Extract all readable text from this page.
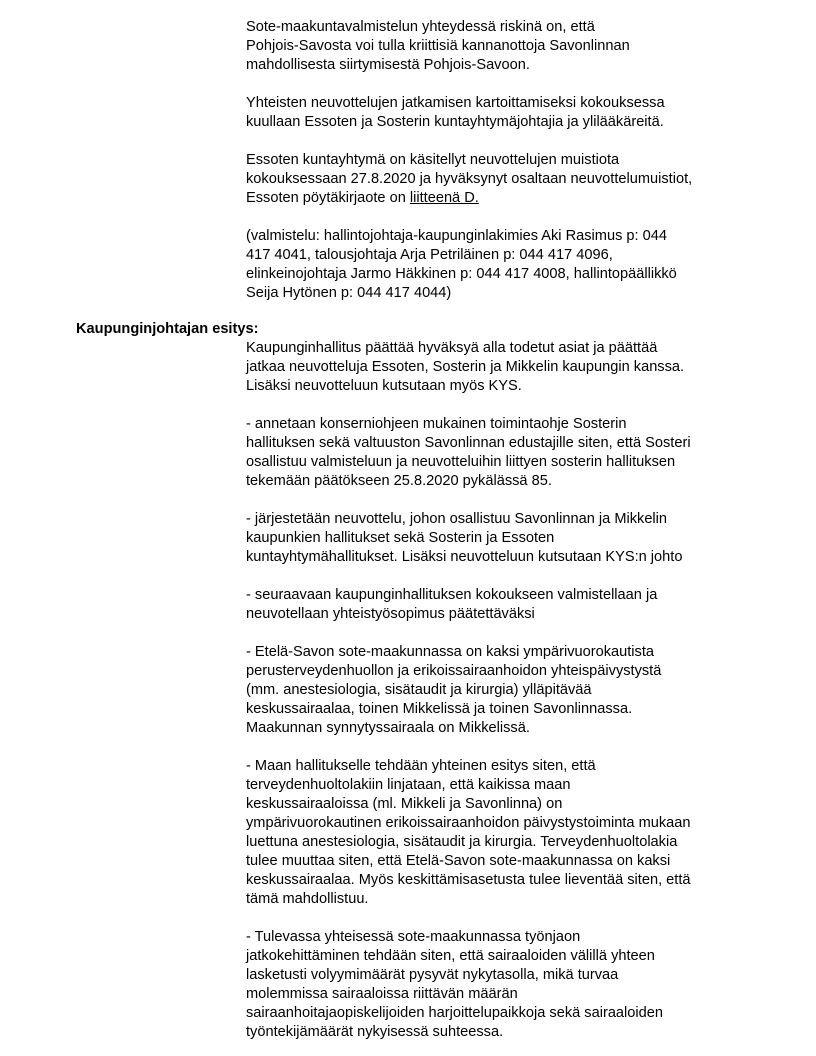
Sote-maakuntavalmistelun yhteydessä riskinä on, että
Pohjois-Savosta voi tulla kriittisiä kannanottoja Savonlinnan
mahdollisesta siirtymisestä Pohjois-Savoon.

Yhteisten neuvottelujen jatkamisen kartoittamiseksi kokouksessa
kuullaan Essoten ja Sosterin kuntayhtymäjohtajia ja ylilääkäreitä.

Essoten kuntayhtymä on käsitellyt neuvottelujen muistiota
kokouksessaan 27.8.2020 ja hyväksynyt osaltaan neuvottelumuistiot,
Essoten pöytäkirjaote on liitteenä D.

(valmistelu: hallintojohtaja-kaupunginlakimies Aki Rasimus p: 044
417 4041, talousjohtaja Arja Petriläinen p: 044 417 4096,
elinkeinojohtaja Jarmo Häkkinen p: 044 417 4008, hallintopäällikkö
Seija Hytönen p: 044 417 4044)

Kaupunginjohtajan esitys:

Kaupunginhallitus päättää hyväksyä alla todetut asiat ja päättää
jatkaa neuvotteluja Essoten, Sosterin ja Mikkelin kaupungin kanssa.
Lisäksi neuvotteluun kutsutaan myös KYS.

- annetaan konserniohjeen mukainen toimintaohje Sosterin
hallituksen sekä valtuuston Savonlinnan edustajille siten, että Sosteri
osallistuu valmisteluun ja neuvotteluihin liittyen sosterin hallituksen
tekemään päätökseen 25.8.2020 pykälässä 85.

- järjestetään neuvottelu, johon osallistuu Savonlinnan ja Mikkelin
kaupunkien hallitukset sekä Sosterin ja Essoten
kuntayhtymähallitukset. Lisäksi neuvotteluun kutsutaan KYS:n johto

- seuraavaan kaupunginhallituksen kokoukseen valmistellaan ja
neuvotellaan yhteistyösopimus päätettäväksi

- Etelä-Savon sote-maakunnassa on kaksi ympärivuorokautista
perusterveydenhuollon ja erikoissairaanhoidon yhteispäivystystä
(mm. anestesiologia, sisätaudit ja kirurgia) ylläpitävää
keskussairaalaa, toinen Mikkelissä ja toinen Savonlinnassa.
Maakunnan synnytyssairaala on Mikkelissä.

- Maan hallitukselle tehdään yhteinen esitys siten, että
terveydenhuoltolakiin linjataan, että kaikissa maan
keskussairaaloissa (ml. Mikkeli ja Savonlinna) on
ympärivuorokautinen erikoissairaanhoidon päivystystoiminta mukaan
luettuna anestesiologia, sisätaudit ja kirurgia. Terveydenhuoltolakia
tulee muuttaa siten, että Etelä-Savon sote-maakunnassa on kaksi
keskussairaalaa. Myös keskittämisasetusta tulee lieventää siten, että
tämä mahdollistuu.

- Tulevassa yhteisessä sote-maakunnassa työnjaon
jatkokehittäminen tehdään siten, että sairaaloiden välillä yhteen
lasketusti volyymimäärät pysyvät nykytasolla, mikä turvaa
molemmissa sairaaloissa riittävän määrän
sairaanhoitajaopiskelijoiden harjoittelupaikkoja sekä sairaaloiden
työntekijämäärät nykyisessä suhteessa.
